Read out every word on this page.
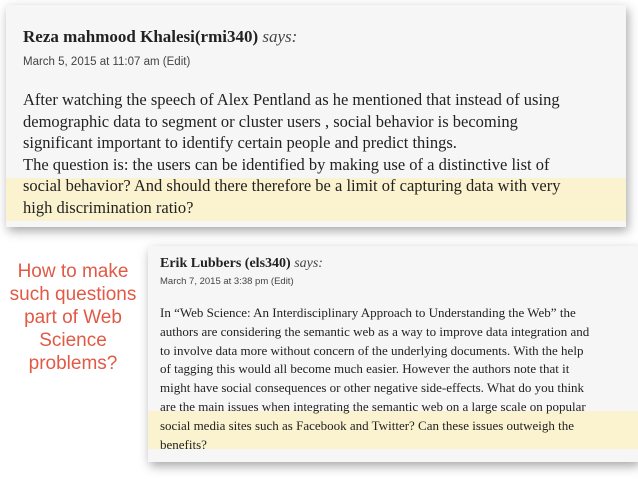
Reza mahmood Khalesi(rmi340) says:
March 5, 2015 at 11:07 am (Edit)
After watching the speech of Alex Pentland as he mentioned that instead of using
demographic data to segment or cluster users , social behavior is becoming
significant important to identify certain people and predict things.
The question is: the users can be identified by making use of a distinctive list of
social behavior? And should there therefore be a limit of capturing data with very
high discrimination ratio?
How to make
such questions
part of Web
Science
problems?
Erik Lubbers (els340) says:
March 7, 2015 at 3:38 pm (Edit)
In “Web Science: An Interdisciplinary Approach to Understanding the Web” the
authors are considering the semantic web as a way to improve data integration and
to involve data more without concern of the underlying documents. With the help
of tagging this would all become much easier. However the authors note that it
might have social consequences or other negative side-effects. What do you think
are the main issues when integrating the semantic web on a large scale on popular
social media sites such as Facebook and Twitter? Can these issues outweigh the
benefits?
